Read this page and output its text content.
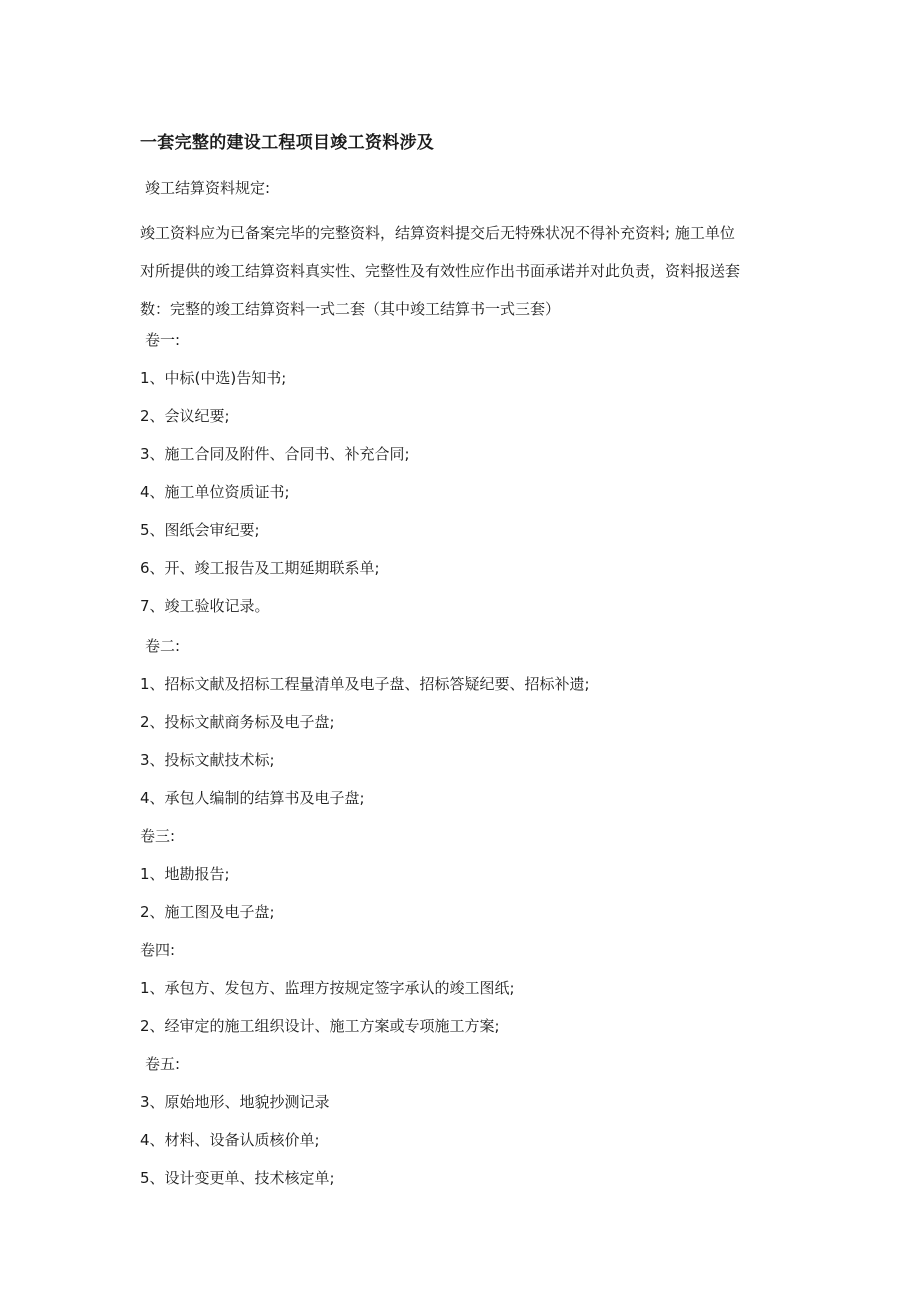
一套完整的建设工程项目竣工资料涉及
竣工结算资料规定:
竣工资料应为已备案完毕的完整资料，结算资料提交后无特殊状况不得补充资料; 施工单位
对所提供的竣工结算资料真实性、完整性及有效性应作出书面承诺并对此负责，资料报送套
数：完整的竣工结算资料一式二套（其中竣工结算书一式三套）
卷一:
1、中标(中选)告知书;
2、会议纪要;
3、施工合同及附件、合同书、补充合同;
4、施工单位资质证书;
5、图纸会审纪要;
6、开、竣工报告及工期延期联系单;
7、竣工验收记录。
卷二:
1、招标文献及招标工程量清单及电子盘、招标答疑纪要、招标补遗;
2、投标文献商务标及电子盘;
3、投标文献技术标;
4、承包人编制的结算书及电子盘;
卷三:
1、地勘报告;
2、施工图及电子盘;
卷四:
1、承包方、发包方、监理方按规定签字承认的竣工图纸;
2、经审定的施工组织设计、施工方案或专项施工方案;
卷五:
3、原始地形、地貌抄测记录
4、材料、设备认质核价单;
5、设计变更单、技术核定单;
